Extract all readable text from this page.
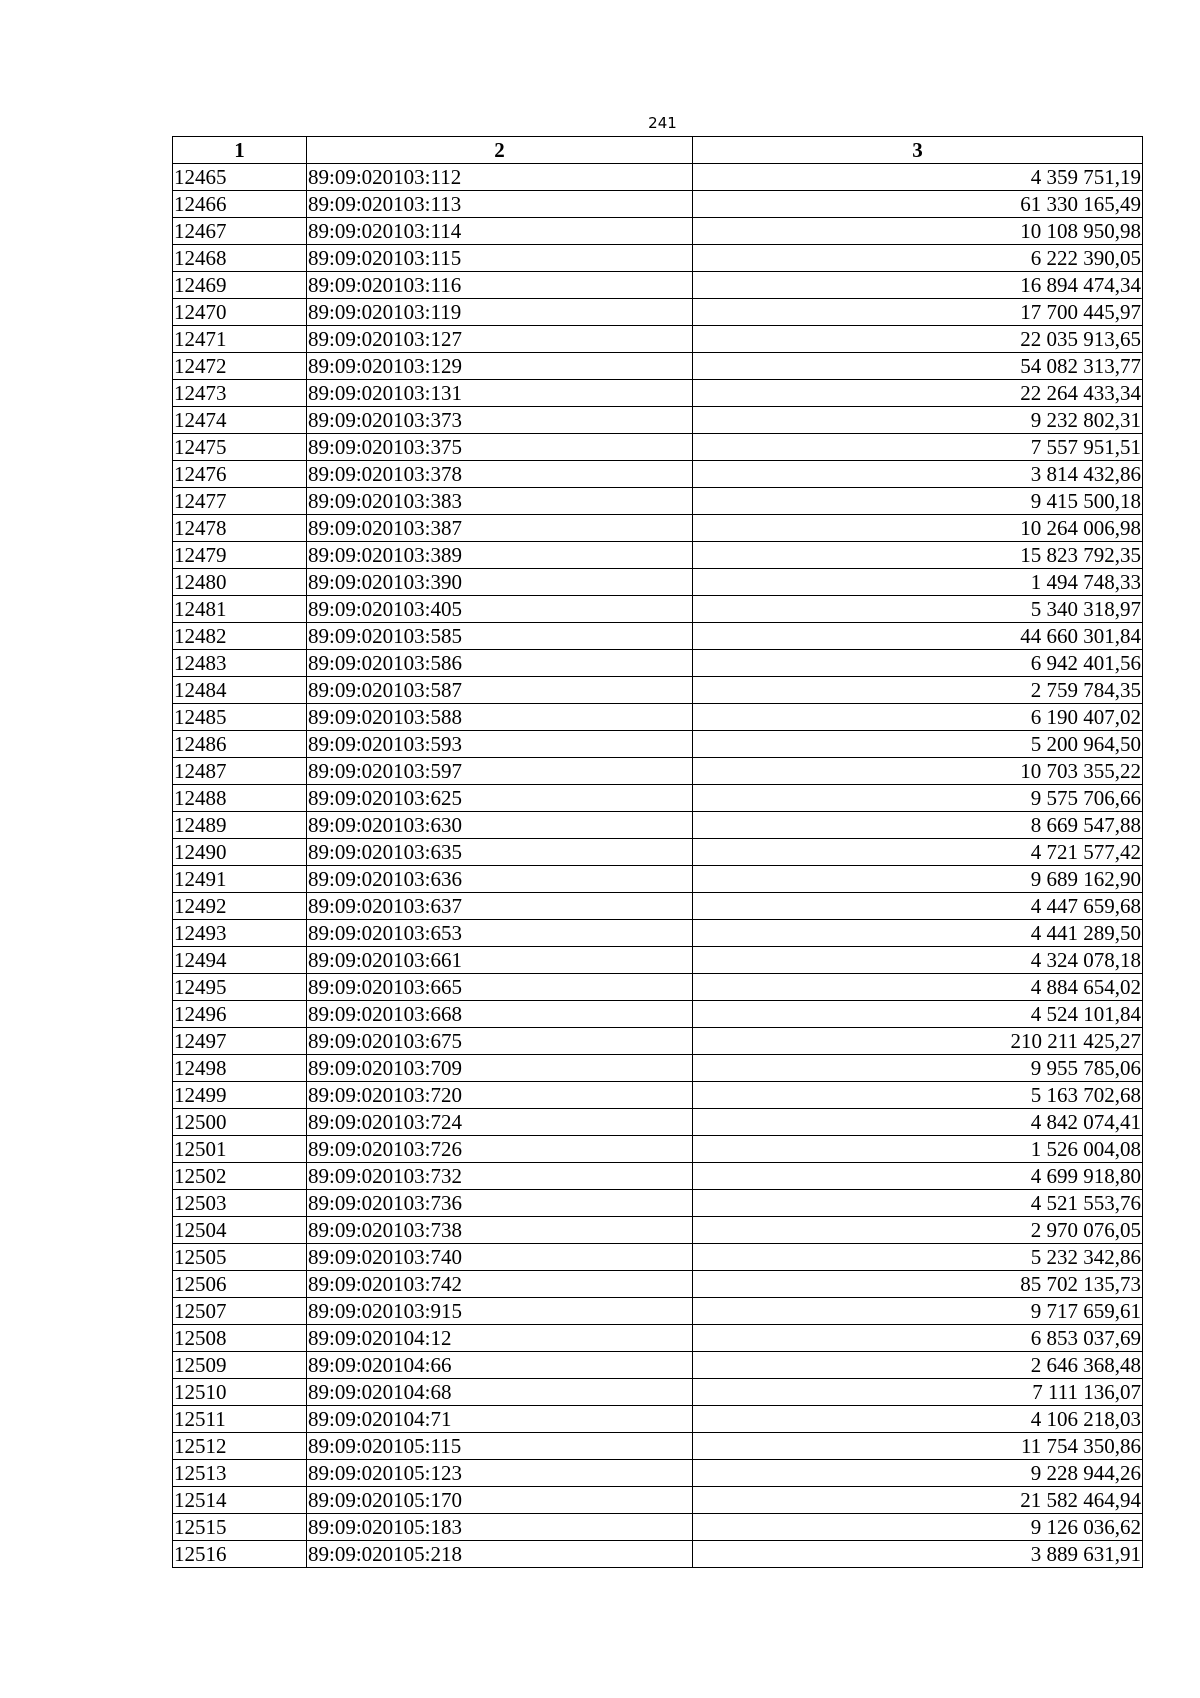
241
1	2	3
12465	89:09:020103:112	4 359 751,19
12466	89:09:020103:113	61 330 165,49
12467	89:09:020103:114	10 108 950,98
12468	89:09:020103:115	6 222 390,05
12469	89:09:020103:116	16 894 474,34
12470	89:09:020103:119	17 700 445,97
12471	89:09:020103:127	22 035 913,65
12472	89:09:020103:129	54 082 313,77
12473	89:09:020103:131	22 264 433,34
12474	89:09:020103:373	9 232 802,31
12475	89:09:020103:375	7 557 951,51
12476	89:09:020103:378	3 814 432,86
12477	89:09:020103:383	9 415 500,18
12478	89:09:020103:387	10 264 006,98
12479	89:09:020103:389	15 823 792,35
12480	89:09:020103:390	1 494 748,33
12481	89:09:020103:405	5 340 318,97
12482	89:09:020103:585	44 660 301,84
12483	89:09:020103:586	6 942 401,56
12484	89:09:020103:587	2 759 784,35
12485	89:09:020103:588	6 190 407,02
12486	89:09:020103:593	5 200 964,50
12487	89:09:020103:597	10 703 355,22
12488	89:09:020103:625	9 575 706,66
12489	89:09:020103:630	8 669 547,88
12490	89:09:020103:635	4 721 577,42
12491	89:09:020103:636	9 689 162,90
12492	89:09:020103:637	4 447 659,68
12493	89:09:020103:653	4 441 289,50
12494	89:09:020103:661	4 324 078,18
12495	89:09:020103:665	4 884 654,02
12496	89:09:020103:668	4 524 101,84
12497	89:09:020103:675	210 211 425,27
12498	89:09:020103:709	9 955 785,06
12499	89:09:020103:720	5 163 702,68
12500	89:09:020103:724	4 842 074,41
12501	89:09:020103:726	1 526 004,08
12502	89:09:020103:732	4 699 918,80
12503	89:09:020103:736	4 521 553,76
12504	89:09:020103:738	2 970 076,05
12505	89:09:020103:740	5 232 342,86
12506	89:09:020103:742	85 702 135,73
12507	89:09:020103:915	9 717 659,61
12508	89:09:020104:12	6 853 037,69
12509	89:09:020104:66	2 646 368,48
12510	89:09:020104:68	7 111 136,07
12511	89:09:020104:71	4 106 218,03
12512	89:09:020105:115	11 754 350,86
12513	89:09:020105:123	9 228 944,26
12514	89:09:020105:170	21 582 464,94
12515	89:09:020105:183	9 126 036,62
12516	89:09:020105:218	3 889 631,91
